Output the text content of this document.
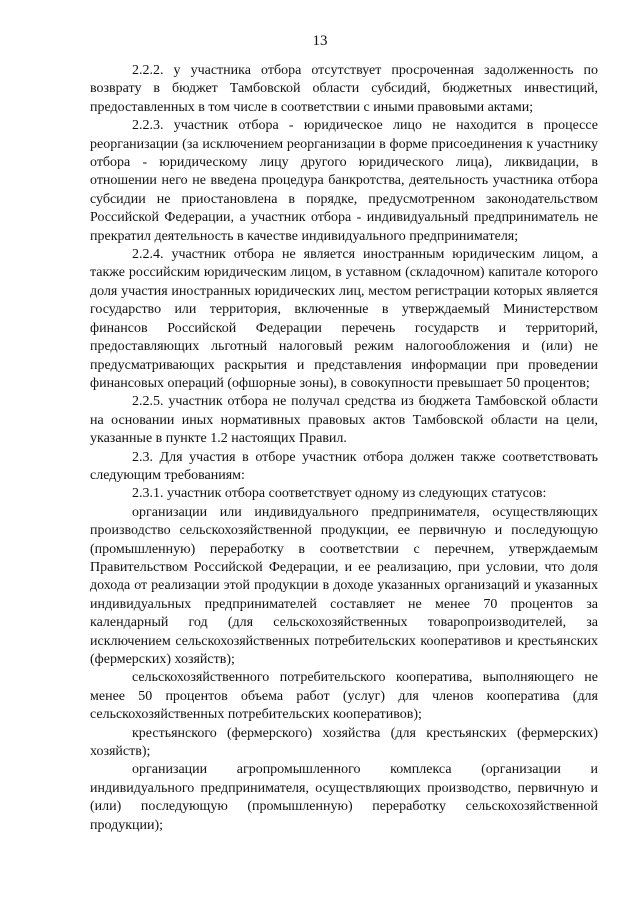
13

2.2.2. у участника отбора отсутствует просроченная задолженность по возврату в бюджет Тамбовской области субсидий, бюджетных инвестиций, предоставленных в том числе в соответствии с иными правовыми актами;

2.2.3. участник отбора - юридическое лицо не находится в процессе реорганизации (за исключением реорганизации в форме присоединения к участнику отбора - юридическому лицу другого юридического лица), ликвидации, в отношении него не введена процедура банкротства, деятельность участника отбора субсидии не приостановлена в порядке, предусмотренном законодательством Российской Федерации, а участник отбора - индивидуальный предприниматель не прекратил деятельность в качестве индивидуального предпринимателя;

2.2.4. участник отбора не является иностранным юридическим лицом, а также российским юридическим лицом, в уставном (складочном) капитале которого доля участия иностранных юридических лиц, местом регистрации которых является государство или территория, включенные в утверждаемый Министерством финансов Российской Федерации перечень государств и территорий, предоставляющих льготный налоговый режим налогообложения и (или) не предусматривающих раскрытия и представления информации при проведении финансовых операций (офшорные зоны), в совокупности превышает 50 процентов;

2.2.5. участник отбора не получал средства из бюджета Тамбовской области на основании иных нормативных правовых актов Тамбовской области на цели, указанные в пункте 1.2 настоящих Правил.

2.3. Для участия в отборе участник отбора должен также соответствовать следующим требованиям:

2.3.1. участник отбора соответствует одному из следующих статусов:

организации или индивидуального предпринимателя, осуществляющих производство сельскохозяйственной продукции, ее первичную и последующую (промышленную) переработку в соответствии с перечнем, утверждаемым Правительством Российской Федерации, и ее реализацию, при условии, что доля дохода от реализации этой продукции в доходе указанных организаций и указанных индивидуальных предпринимателей составляет не менее 70 процентов за календарный год (для сельскохозяйственных товаропроизводителей, за исключением сельскохозяйственных потребительских кооперативов и крестьянских (фермерских) хозяйств);

сельскохозяйственного потребительского кооператива, выполняющего не менее 50 процентов объема работ (услуг) для членов кооператива (для сельскохозяйственных потребительских кооперативов);

крестьянского (фермерского) хозяйства (для крестьянских (фермерских) хозяйств);

организации агропромышленного комплекса (организации и индивидуального предпринимателя, осуществляющих производство, первичную и (или) последующую (промышленную) переработку сельскохозяйственной продукции);
